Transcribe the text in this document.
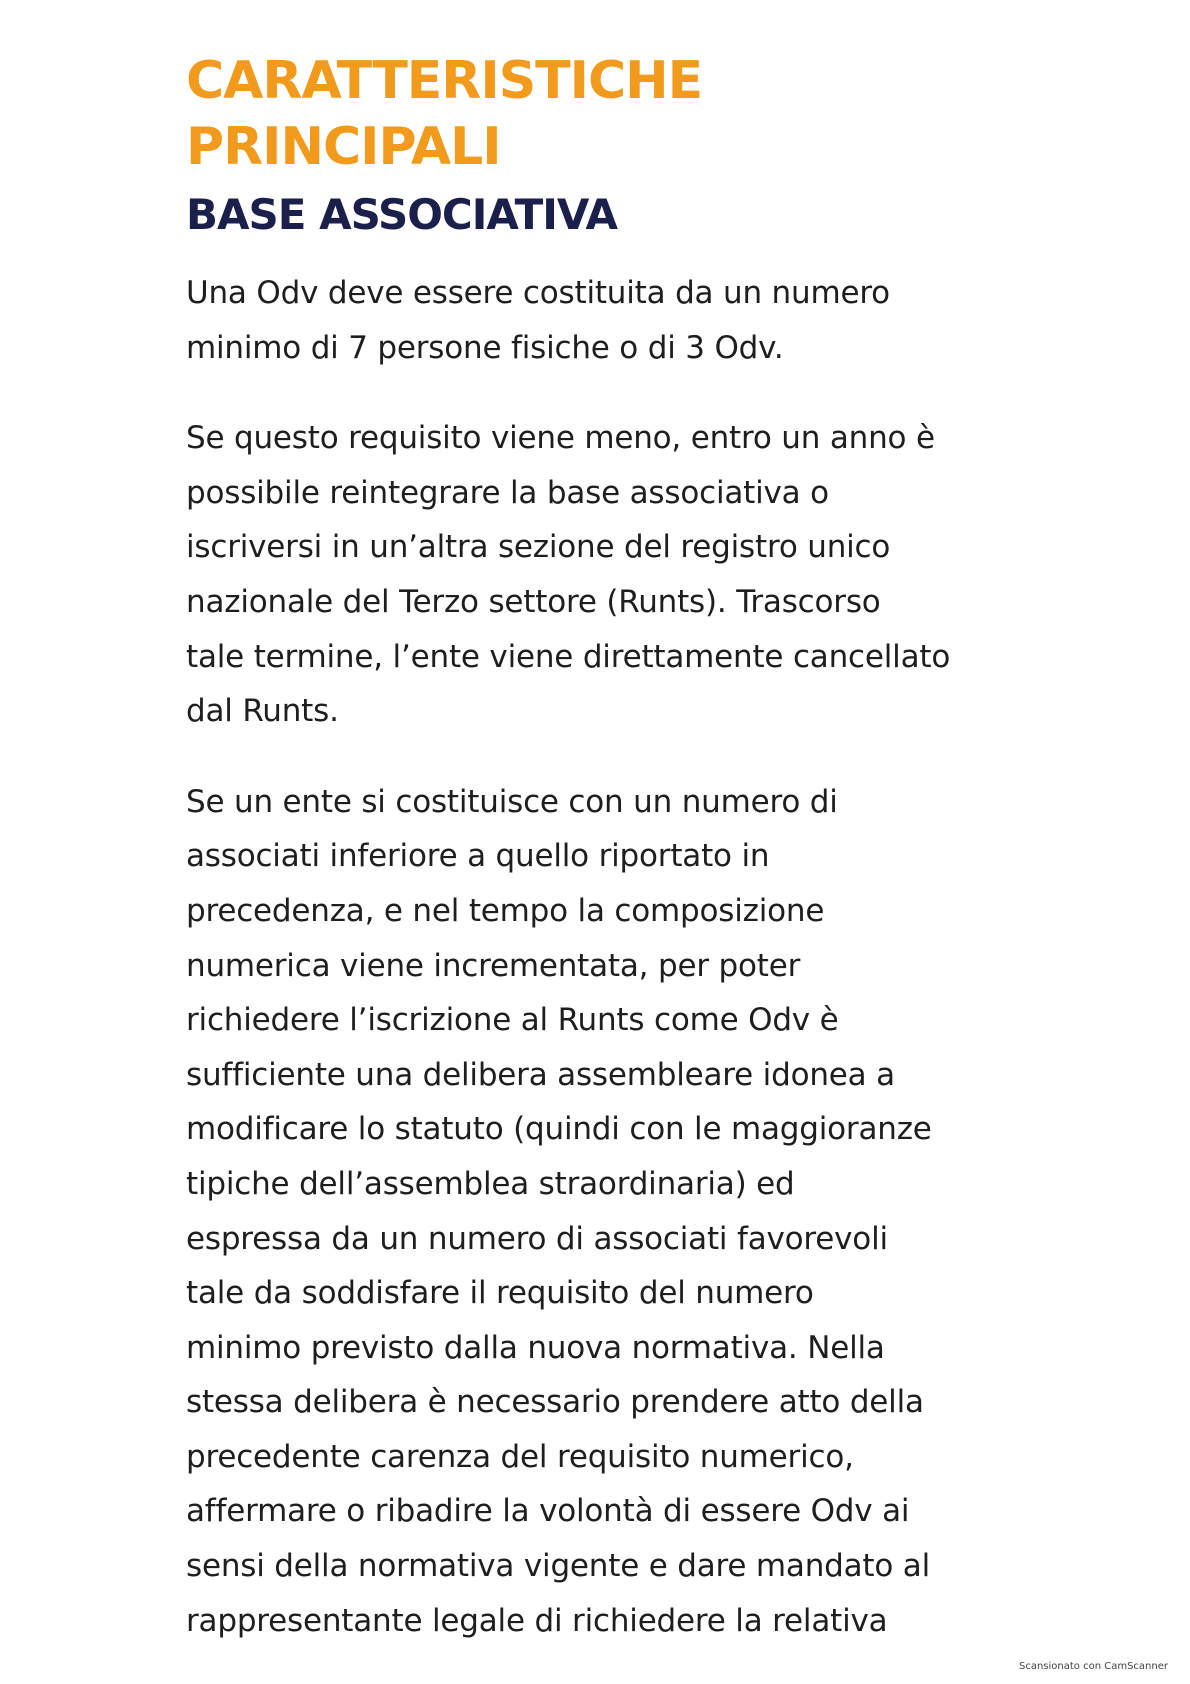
CARATTERISTICHE
PRINCIPALI
BASE ASSOCIATIVA

Una Odv deve essere costituita da un numero
minimo di 7 persone fisiche o di 3 Odv.

Se questo requisito viene meno, entro un anno è
possibile reintegrare la base associativa o
iscriversi in un’altra sezione del registro unico
nazionale del Terzo settore (Runts). Trascorso
tale termine, l’ente viene direttamente cancellato
dal Runts.

Se un ente si costituisce con un numero di
associati inferiore a quello riportato in
precedenza, e nel tempo la composizione
numerica viene incrementata, per poter
richiedere l’iscrizione al Runts come Odv è
sufficiente una delibera assembleare idonea a
modificare lo statuto (quindi con le maggioranze
tipiche dell’assemblea straordinaria) ed
espressa da un numero di associati favorevoli
tale da soddisfare il requisito del numero
minimo previsto dalla nuova normativa. Nella
stessa delibera è necessario prendere atto della
precedente carenza del requisito numerico,
affermare o ribadire la volontà di essere Odv ai
sensi della normativa vigente e dare mandato al
rappresentante legale di richiedere la relativa

Scansionato con CamScanner
